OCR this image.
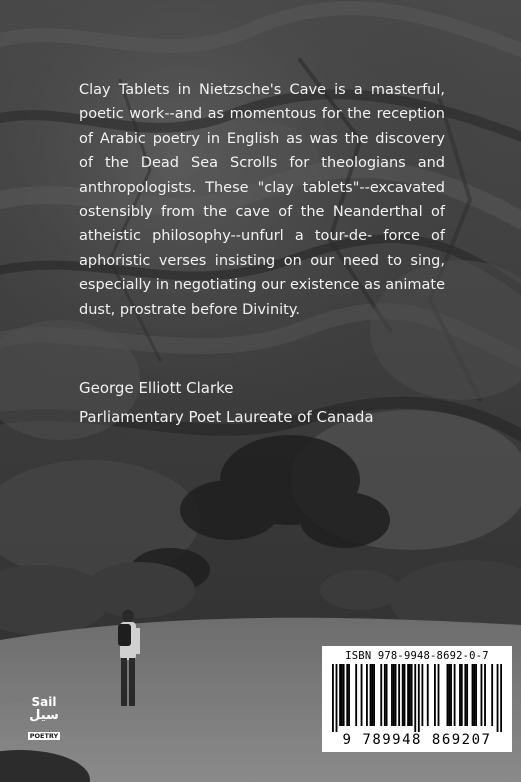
Clay Tablets in Nietzsche's Cave is a masterful, poetic work--and as momentous for the reception of Arabic poetry in English as was the discovery of the Dead Sea Scrolls for theologians and anthropologists. These "clay tablets"--excavated ostensibly from the cave of the Neanderthal of atheistic philosophy--unfurl a tour-de- force of aphoristic verses insisting on our need to sing, especially in negotiating our existence as animate dust, prostrate before Divinity.

George Elliott Clarke
Parliamentary Poet Laureate of Canada
Sail
سيل
POETRY
ISBN 978-9948-8692-0-7
9 789948 869207
